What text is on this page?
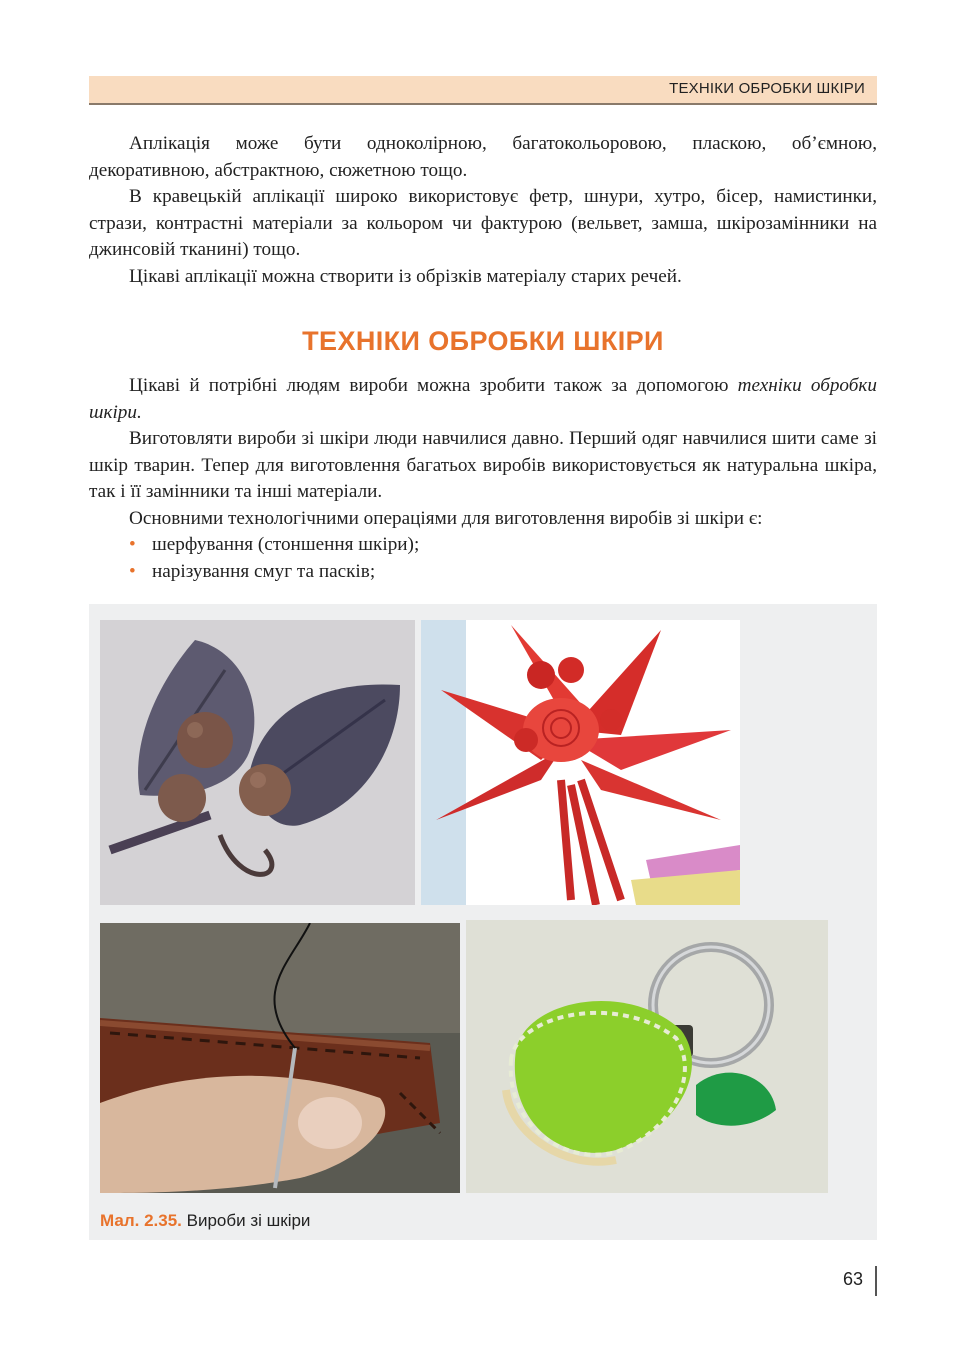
ТЕХНІКИ ОБРОБКИ ШКІРИ

Аплікація може бути одноколірною, багатокольоровою, плаcкою, об’ємною, декоративною, абстрактною, сюжетною тощо.

В кравецькій аплікації широко використовує фетр, шнури, хутро, бісер, намистинки, стрази, контрастні матеріали за кольором чи фактурою (вельвет, замша, шкірозамінники на джинсовій тканині) тощо.

Цікаві аплікації можна створити із обрізків матеріалу старих речей.

ТЕХНІКИ ОБРОБКИ ШКІРИ

Цікаві й потрібні людям вироби можна зробити також за допомогою техніки обробки шкіри.

Виготовляти вироби зі шкіри люди навчилися давно. Перший одяг навчилися шити саме зі шкір тварин. Тепер для виготовлення багатьох виробів використовується як натуральна шкіра, так і її замінники та інші матеріали.

Основними технологічними операціями для виготовлення виробів зі шкіри є:

• шерфування (стоншення шкіри);
• нарізування смуг та пасків;
Мал. 2.35. Вироби зі шкіри
63
